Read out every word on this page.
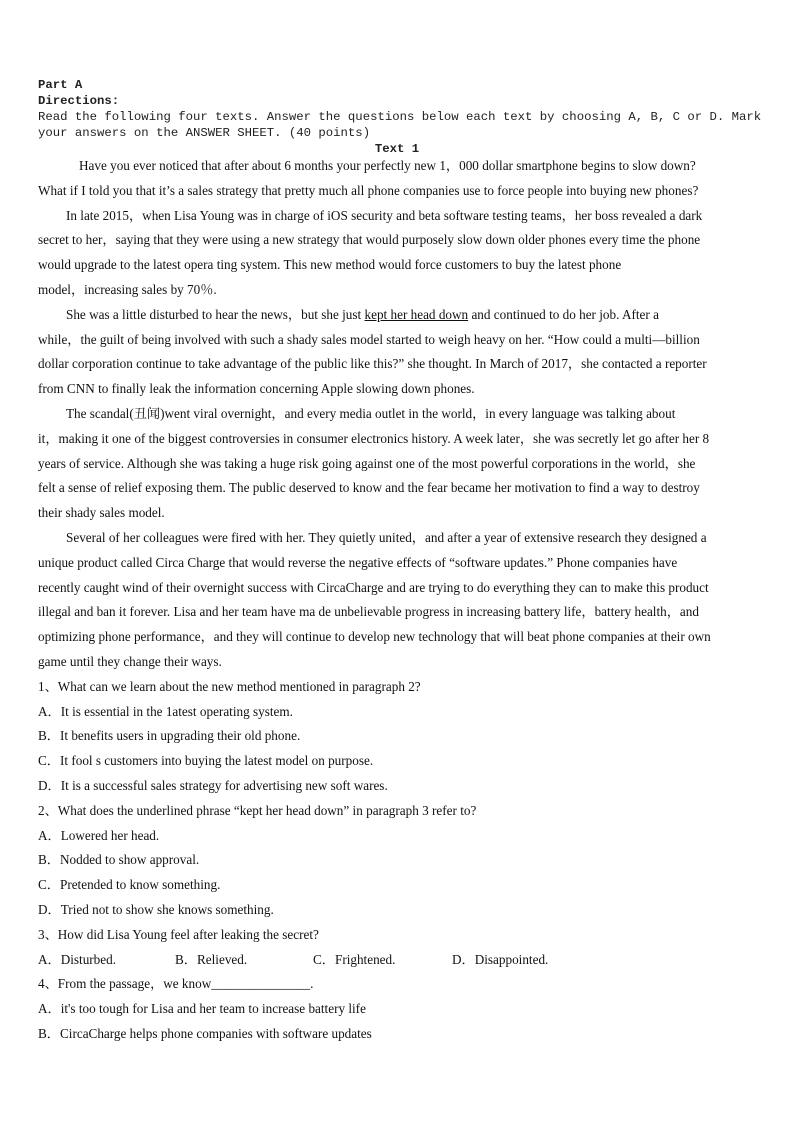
Part A
Directions:
Read the following four texts. Answer the questions below each text by choosing A, B, C or D. Mark
your answers on the ANSWER SHEET. (40 points)
Text 1
Have you ever noticed that after about 6 months your perfectly new 1，000 dollar smartphone begins to slow down?
What if I told you that it’s a sales strategy that pretty much all phone companies use to force people into buying new phones?
In late 2015，when Lisa Young was in charge of iOS security and beta software testing teams，her boss revealed a dark
secret to her，saying that they were using a new strategy that would purposely slow down older phones every time the phone
would upgrade to the latest opera ting system. This new method would force customers to buy the latest phone
model，increasing sales by 70％.
She was a little disturbed to hear the news，but she just kept her head down and continued to do her job. After a
while，the guilt of being involved with such a shady sales model started to weigh heavy on her. “How could a multi—billion
dollar corporation continue to take advantage of the public like this?” she thought. In March of 2017，she contacted a reporter
from CNN to finally leak the information concerning Apple slowing down phones.
The scandal(丑闻)went viral overnight，and every media outlet in the world，in every language was talking about
it，making it one of the biggest controversies in consumer electronics history. A week later，she was secretly let go after her 8
years of service. Although she was taking a huge risk going against one of the most powerful corporations in the world，she
felt a sense of relief exposing them. The public deserved to know and the fear became her motivation to find a way to destroy
their shady sales model.
Several of her colleagues were fired with her. They quietly united，and after a year of extensive research they designed a
unique product called Circa Charge that would reverse the negative effects of “software updates.” Phone companies have
recently caught wind of their overnight success with CircaCharge and are trying to do everything they can to make this product
illegal and ban it forever. Lisa and her team have ma de unbelievable progress in increasing battery life，battery health，and
optimizing phone performance，and they will continue to develop new technology that will beat phone companies at their own
game until they change their ways.
1、What can we learn about the new method mentioned in paragraph 2?
A．It is essential in the 1atest operating system.
B．It benefits users in upgrading their old phone.
C．It fool s customers into buying the latest model on purpose.
D．It is a successful sales strategy for advertising new soft wares.
2、What does the underlined phrase “kept her head down” in paragraph 3 refer to?
A．Lowered her head.
B．Nodded to show approval.
C．Pretended to know something.
D．Tried not to show she knows something.
3、How did Lisa Young feel after leaking the secret?
A．Disturbed.	B．Relieved.	C．Frightened.	D．Disappointed.
4、From the passage，we know_______________.
A．it's too tough for Lisa and her team to increase battery life
B．CircaCharge helps phone companies with software updates
